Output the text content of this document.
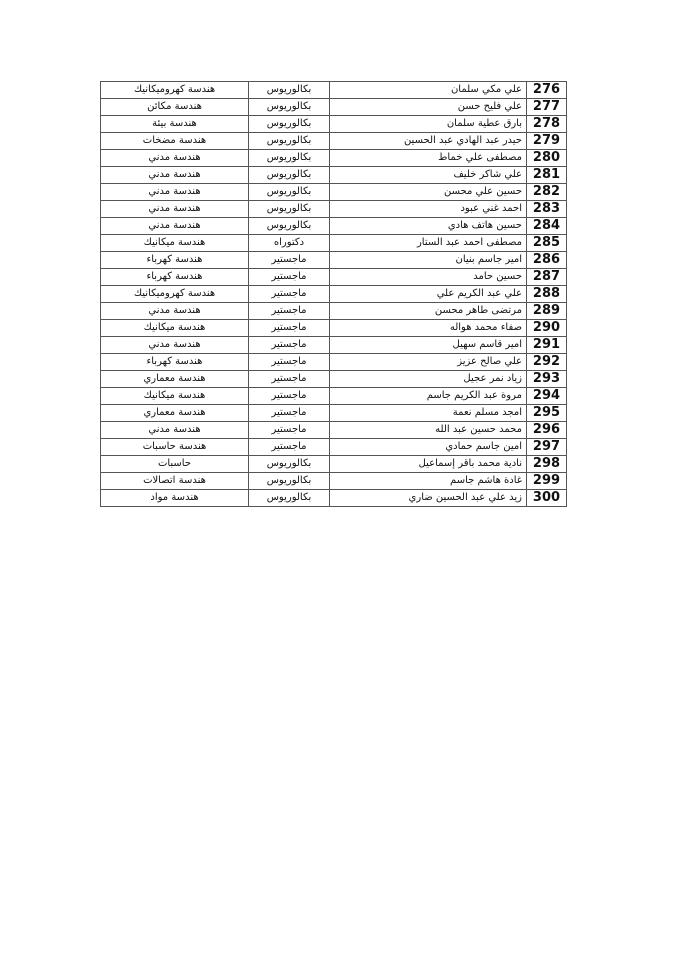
276	علي مكي سلمان	بكالوريوس	هندسة كهروميكانيك
277	علي فليح حسن	بكالوريوس	هندسة مكائن
278	بارق عطية سلمان	بكالوريوس	هندسة بيئة
279	حيدر عبد الهادي عبد الحسين	بكالوريوس	هندسة مضخات
280	مصطفى علي خماط	بكالوريوس	هندسة مدني
281	علي شاكر خليف	بكالوريوس	هندسة مدني
282	حسين علي محسن	بكالوريوس	هندسة مدني
283	احمد غني عبود	بكالوريوس	هندسة مدني
284	حسين هاتف هادي	بكالوريوس	هندسة مدني
285	مصطفى احمد عبد الستار	دكتوراه	هندسة ميكانيك
286	امير جاسم بنيان	ماجستير	هندسة كهرباء
287	حسين حامد	ماجستير	هندسة كهرباء
288	علي عبد الكريم علي	ماجستير	هندسة كهروميكانيك
289	مرتضى طاهر محسن	ماجستير	هندسة مدني
290	صفاء محمد هواله	ماجستير	هندسة ميكانيك
291	امير قاسم سهيل	ماجستير	هندسة مدني
292	علي صالح عزيز	ماجستير	هندسة كهرباء
293	زياد نمر عجيل	ماجستير	هندسة معماري
294	مروة عبد الكريم جاسم	ماجستير	هندسة ميكانيك
295	امجد مسلم نعمة	ماجستير	هندسة معماري
296	محمد حسين عبد الله	ماجستير	هندسة مدني
297	امين جاسم حمادي	ماجستير	هندسة حاسبات
298	نادية محمد باقر إسماعيل	بكالوريوس	حاسبات
299	غادة هاشم جاسم	بكالوريوس	هندسة اتصالات
300	زيد علي عبد الحسين ضاري	بكالوريوس	هندسة مواد
